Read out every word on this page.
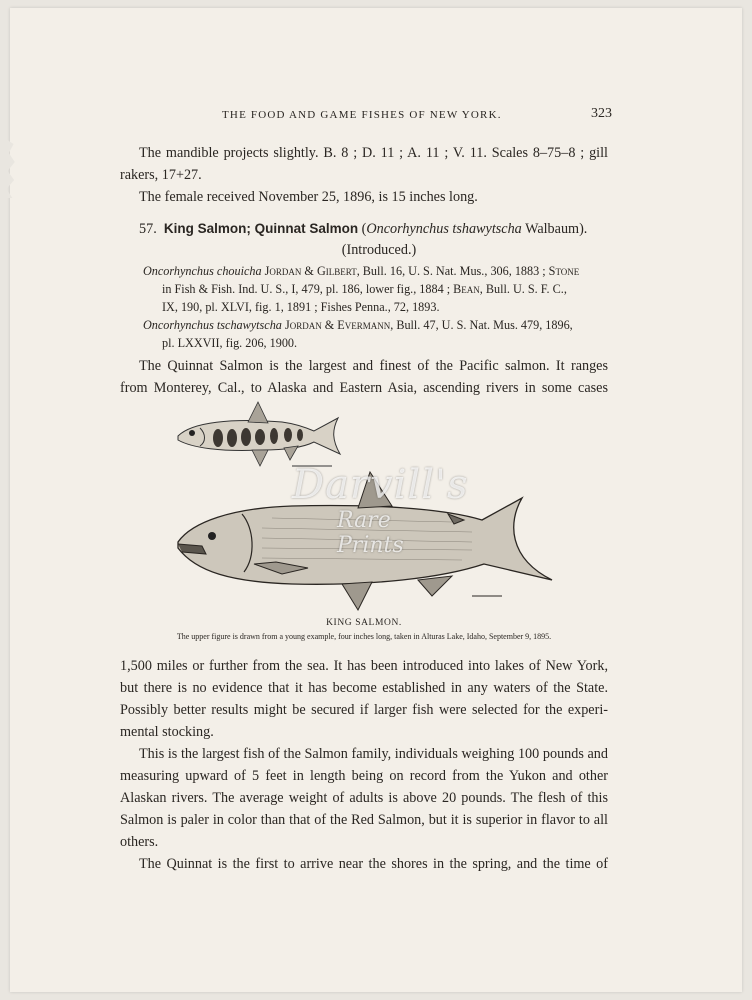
THE FOOD AND GAME FISHES OF NEW YORK.	323

The mandible projects slightly. B. 8 ; D. 11 ; A. 11 ; V. 11. Scales 8–75–8 ; gill

rakers, 17+27.

The female received November 25, 1896, is 15 inches long.

57. King Salmon; Quinnat Salmon (Oncorhynchus tshawytscha Walbaum).
(Introduced.)
Oncorhynchus chouicha Jordan & Gilbert, Bull. 16, U. S. Nat. Mus., 306, 1883 ; Stone
in Fish & Fish. Ind. U. S., I, 479, pl. 186, lower fig., 1884 ; Bean, Bull. U. S. F. C.,
IX, 190, pl. XLVI, fig. 1, 1891 ; Fishes Penna., 72, 1893.
Oncorhynchus tschawytscha Jordan & Evermann, Bull. 47, U. S. Nat. Mus. 479, 1896,
pl. LXXVII, fig. 206, 1900.

The Quinnat Salmon is the largest and finest of the Pacific salmon. It ranges

from Monterey, Cal., to Alaska and Eastern Asia, ascending rivers in some cases

Darvill's
Rare Prints
KING SALMON.
The upper figure is drawn from a young example, four inches long, taken in Alturas Lake, Idaho, September 9, 1895.

1,500 miles or further from the sea. It has been introduced into lakes of New York, but there is no evidence that it has become established in any waters of the State. Possibly better results might be secured if larger fish were selected for the experi-mental stocking.

This is the largest fish of the Salmon family, individuals weighing 100 pounds and measuring upward of 5 feet in length being on record from the Yukon and other Alaskan rivers. The average weight of adults is above 20 pounds. The flesh of this Salmon is paler in color than that of the Red Salmon, but it is superior in flavor to all others.

The Quinnat is the first to arrive near the shores in the spring, and the time of
